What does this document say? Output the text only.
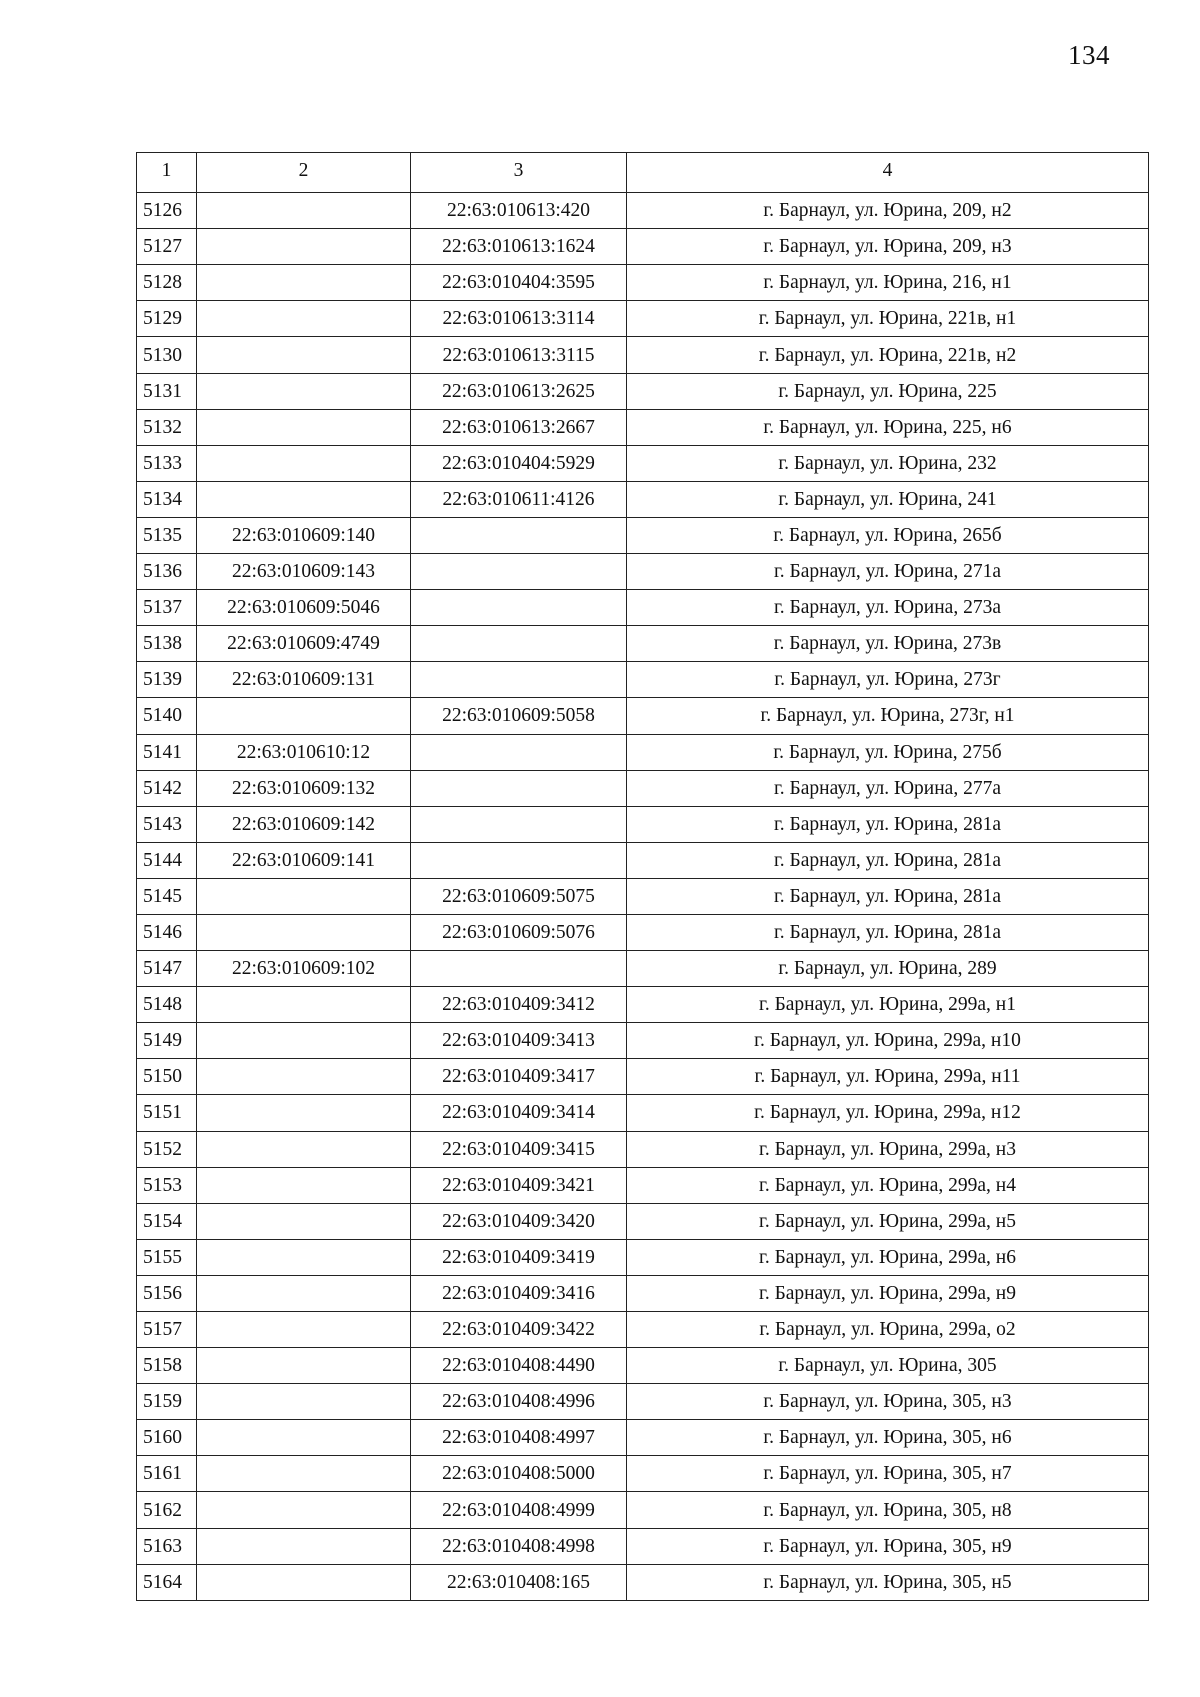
134
1	2	3	4
5126		22:63:010613:420	г. Барнаул, ул. Юрина, 209, н2
5127		22:63:010613:1624	г. Барнаул, ул. Юрина, 209, н3
5128		22:63:010404:3595	г. Барнаул, ул. Юрина, 216, н1
5129		22:63:010613:3114	г. Барнаул, ул. Юрина, 221в, н1
5130		22:63:010613:3115	г. Барнаул, ул. Юрина, 221в, н2
5131		22:63:010613:2625	г. Барнаул, ул. Юрина, 225
5132		22:63:010613:2667	г. Барнаул, ул. Юрина, 225, н6
5133		22:63:010404:5929	г. Барнаул, ул. Юрина, 232
5134		22:63:010611:4126	г. Барнаул, ул. Юрина, 241
5135	22:63:010609:140		г. Барнаул, ул. Юрина, 265б
5136	22:63:010609:143		г. Барнаул, ул. Юрина, 271а
5137	22:63:010609:5046		г. Барнаул, ул. Юрина, 273а
5138	22:63:010609:4749		г. Барнаул, ул. Юрина, 273в
5139	22:63:010609:131		г. Барнаул, ул. Юрина, 273г
5140		22:63:010609:5058	г. Барнаул, ул. Юрина, 273г, н1
5141	22:63:010610:12		г. Барнаул, ул. Юрина, 275б
5142	22:63:010609:132		г. Барнаул, ул. Юрина, 277а
5143	22:63:010609:142		г. Барнаул, ул. Юрина, 281а
5144	22:63:010609:141		г. Барнаул, ул. Юрина, 281а
5145		22:63:010609:5075	г. Барнаул, ул. Юрина, 281а
5146		22:63:010609:5076	г. Барнаул, ул. Юрина, 281а
5147	22:63:010609:102		г. Барнаул, ул. Юрина, 289
5148		22:63:010409:3412	г. Барнаул, ул. Юрина, 299а, н1
5149		22:63:010409:3413	г. Барнаул, ул. Юрина, 299а, н10
5150		22:63:010409:3417	г. Барнаул, ул. Юрина, 299а, н11
5151		22:63:010409:3414	г. Барнаул, ул. Юрина, 299а, н12
5152		22:63:010409:3415	г. Барнаул, ул. Юрина, 299а, н3
5153		22:63:010409:3421	г. Барнаул, ул. Юрина, 299а, н4
5154		22:63:010409:3420	г. Барнаул, ул. Юрина, 299а, н5
5155		22:63:010409:3419	г. Барнаул, ул. Юрина, 299а, н6
5156		22:63:010409:3416	г. Барнаул, ул. Юрина, 299а, н9
5157		22:63:010409:3422	г. Барнаул, ул. Юрина, 299а, о2
5158		22:63:010408:4490	г. Барнаул, ул. Юрина, 305
5159		22:63:010408:4996	г. Барнаул, ул. Юрина, 305, н3
5160		22:63:010408:4997	г. Барнаул, ул. Юрина, 305, н6
5161		22:63:010408:5000	г. Барнаул, ул. Юрина, 305, н7
5162		22:63:010408:4999	г. Барнаул, ул. Юрина, 305, н8
5163		22:63:010408:4998	г. Барнаул, ул. Юрина, 305, н9
5164		22:63:010408:165	г. Барнаул, ул. Юрина, 305, н5
